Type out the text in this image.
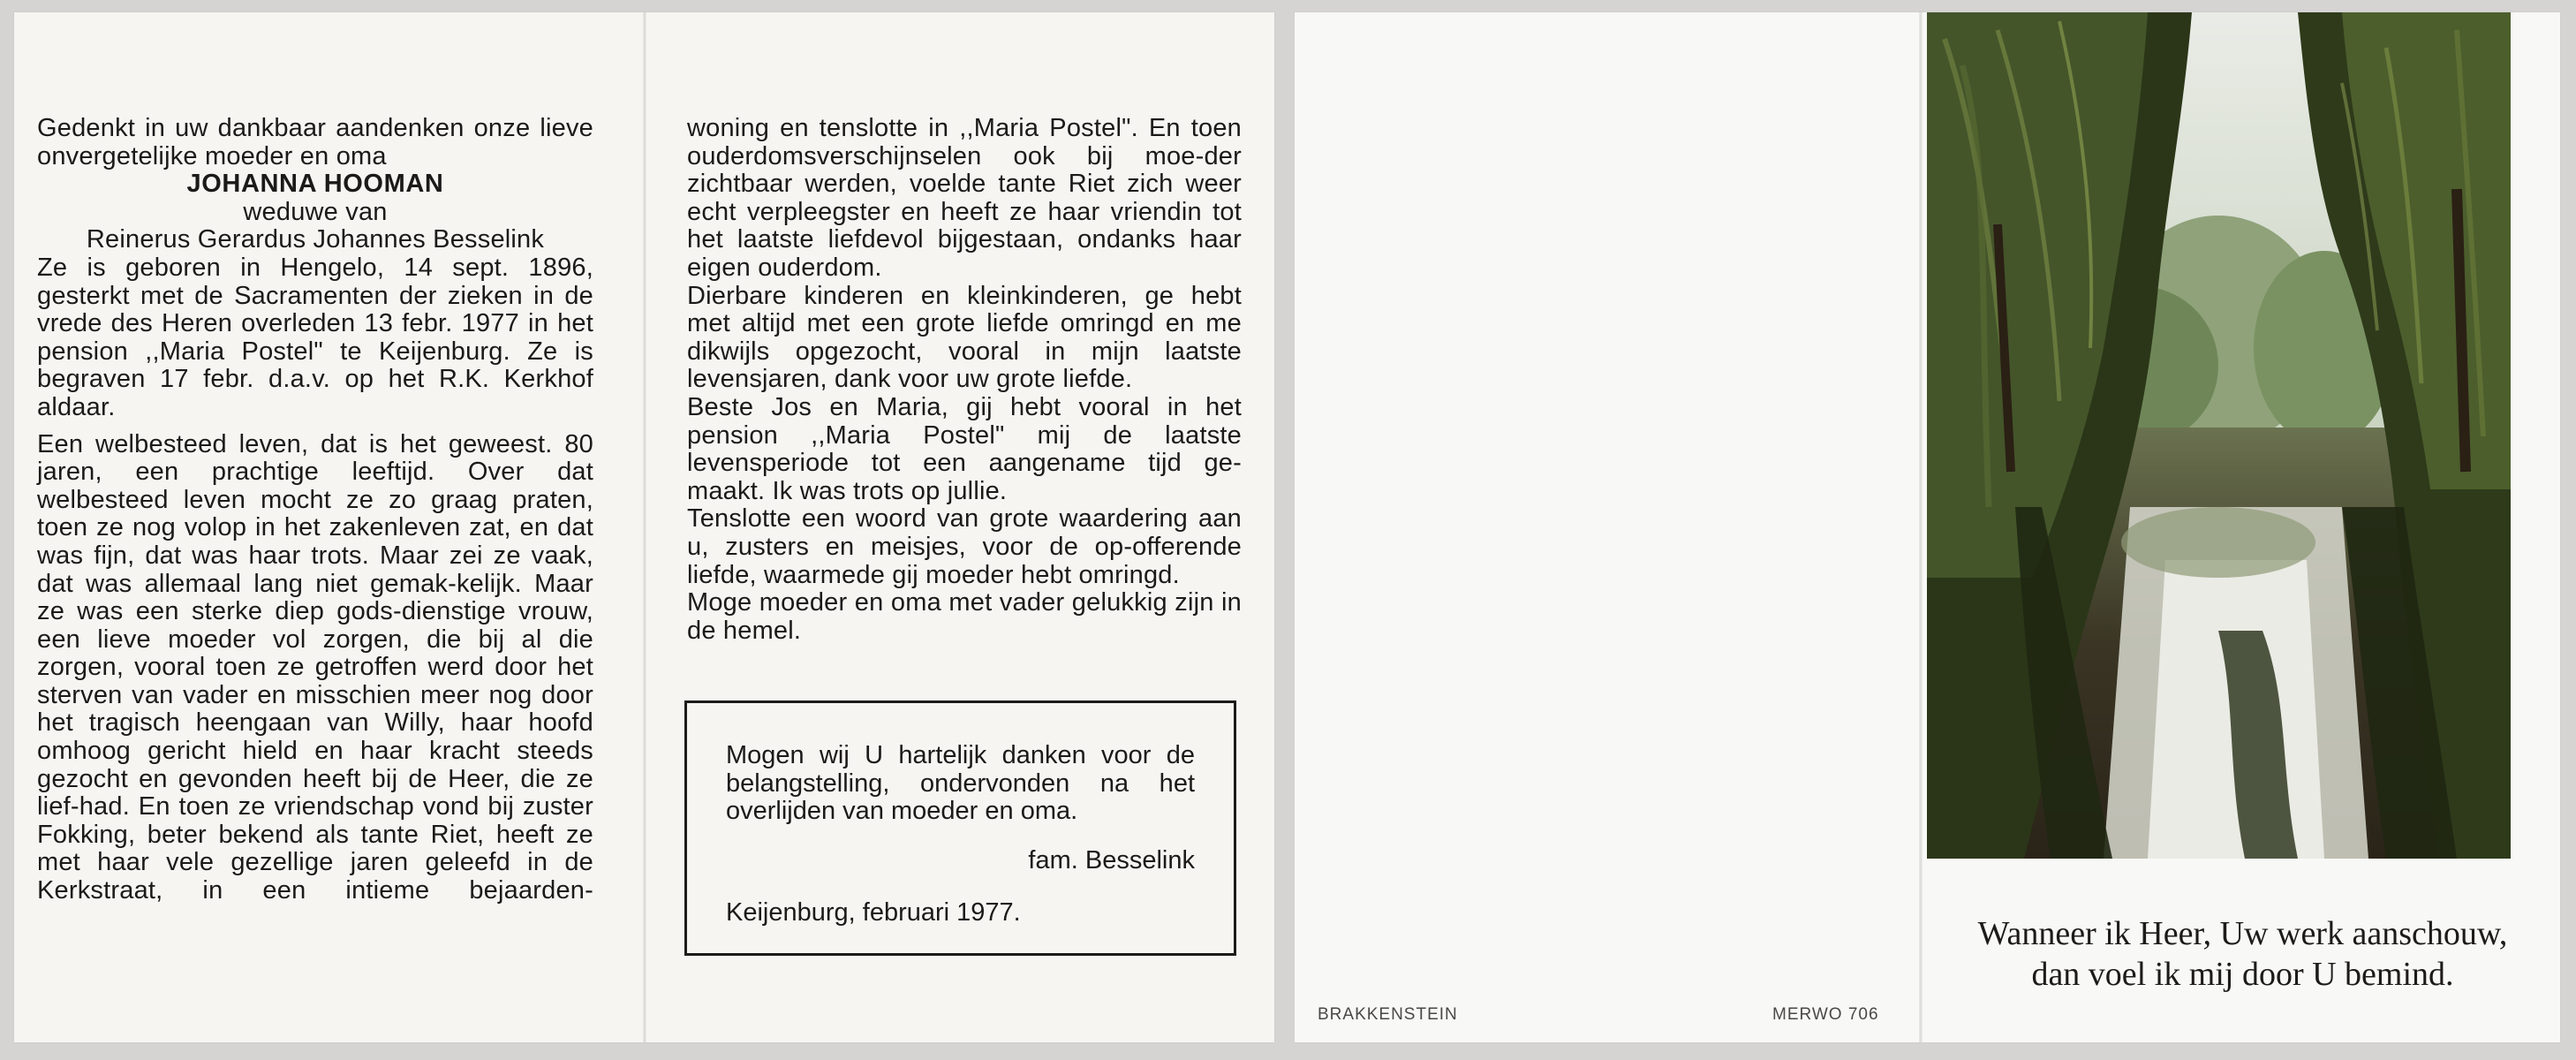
Gedenkt in uw dankbaar aandenken onze lieve onvergetelijke moeder en oma

JOHANNA HOOMAN

weduwe van

Reinerus Gerardus Johannes Besselink

Ze is geboren in Hengelo, 14 sept. 1896, gesterkt met de Sacramenten der zieken in de vrede des Heren overleden 13 febr. 1977 in het pension ,,Maria Postel" te Keijenburg. Ze is begraven 17 febr. d.a.v. op het R.K. Kerkhof aldaar.

Een welbesteed leven, dat is het geweest. 80 jaren, een prachtige leeftijd. Over dat welbesteed leven mocht ze zo graag praten, toen ze nog volop in het zakenleven zat, en dat was fijn, dat was haar trots. Maar zei ze vaak, dat was allemaal lang niet gemak-kelijk. Maar ze was een sterke diep gods-dienstige vrouw, een lieve moeder vol zorgen, die bij al die zorgen, vooral toen ze getroffen werd door het sterven van vader en misschien meer nog door het tragisch heengaan van Willy, haar hoofd omhoog gericht hield en haar kracht steeds gezocht en gevonden heeft bij de Heer, die ze lief-had. En toen ze vriendschap vond bij zuster Fokking, beter bekend als tante Riet, heeft ze met haar vele gezellige jaren geleefd in de Kerkstraat, in een intieme bejaarden-

woning en tenslotte in ,,Maria Postel". En toen ouderdomsverschijnselen ook bij moe-der zichtbaar werden, voelde tante Riet zich weer echt verpleegster en heeft ze haar vriendin tot het laatste liefdevol bijgestaan, ondanks haar eigen ouderdom.

Dierbare kinderen en kleinkinderen, ge hebt met altijd met een grote liefde omringd en me dikwijls opgezocht, vooral in mijn laatste levensjaren, dank voor uw grote liefde.

Beste Jos en Maria, gij hebt vooral in het pension ,,Maria Postel" mij de laatste levensperiode tot een aangename tijd ge-maakt. Ik was trots op jullie.

Tenslotte een woord van grote waardering aan u, zusters en meisjes, voor de op-offerende liefde, waarmede gij moeder hebt omringd.

Moge moeder en oma met vader gelukkig zijn in de hemel.

Mogen wij U hartelijk danken voor de belangstelling, ondervonden na het overlijden van moeder en oma.
fam. Besselink
Keijenburg, februari 1977.
BRAKKENSTEIN	MERWO 706
Wanneer ik Heer, Uw werk aanschouw,
dan voel ik mij door U bemind.
